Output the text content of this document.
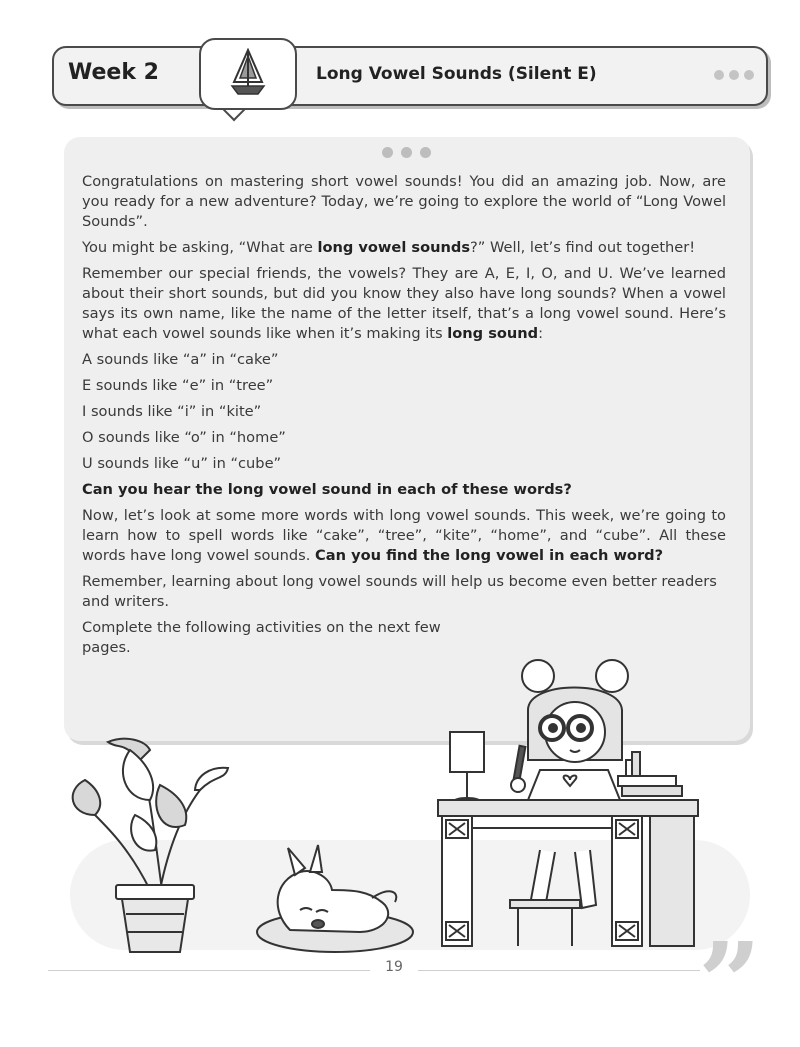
Week 2	Long Vowel Sounds (Silent E)

Congratulations on mastering short vowel sounds! You did an amazing job. Now, are you ready for a new adventure? Today, we’re going to explore the world of “Long Vowel Sounds”.

You might be asking, “What are long vowel sounds?” Well, let’s find out together!

Remember our special friends, the vowels? They are A, E, I, O, and U. We’ve learned about their short sounds, but did you know they also have long sounds? When a vowel says its own name, like the name of the letter itself, that’s a long vowel sound. Here’s what each vowel sounds like when it’s making its long sound:

A sounds like “a” in “cake”
E sounds like “e” in “tree”
I sounds like “i” in “kite”
O sounds like “o” in “home”
U sounds like “u” in “cube”

Can you hear the long vowel sound in each of these words?

Now, let’s look at some more words with long vowel sounds. This week, we’re going to learn how to spell words like “cake”, “tree”, “kite”, “home”, and “cube”. All these words have long vowel sounds. Can you find the long vowel in each word?

Remember, learning about long vowel sounds will help us become even better readers and writers.

Complete the following activities on the next few pages.

19	”
